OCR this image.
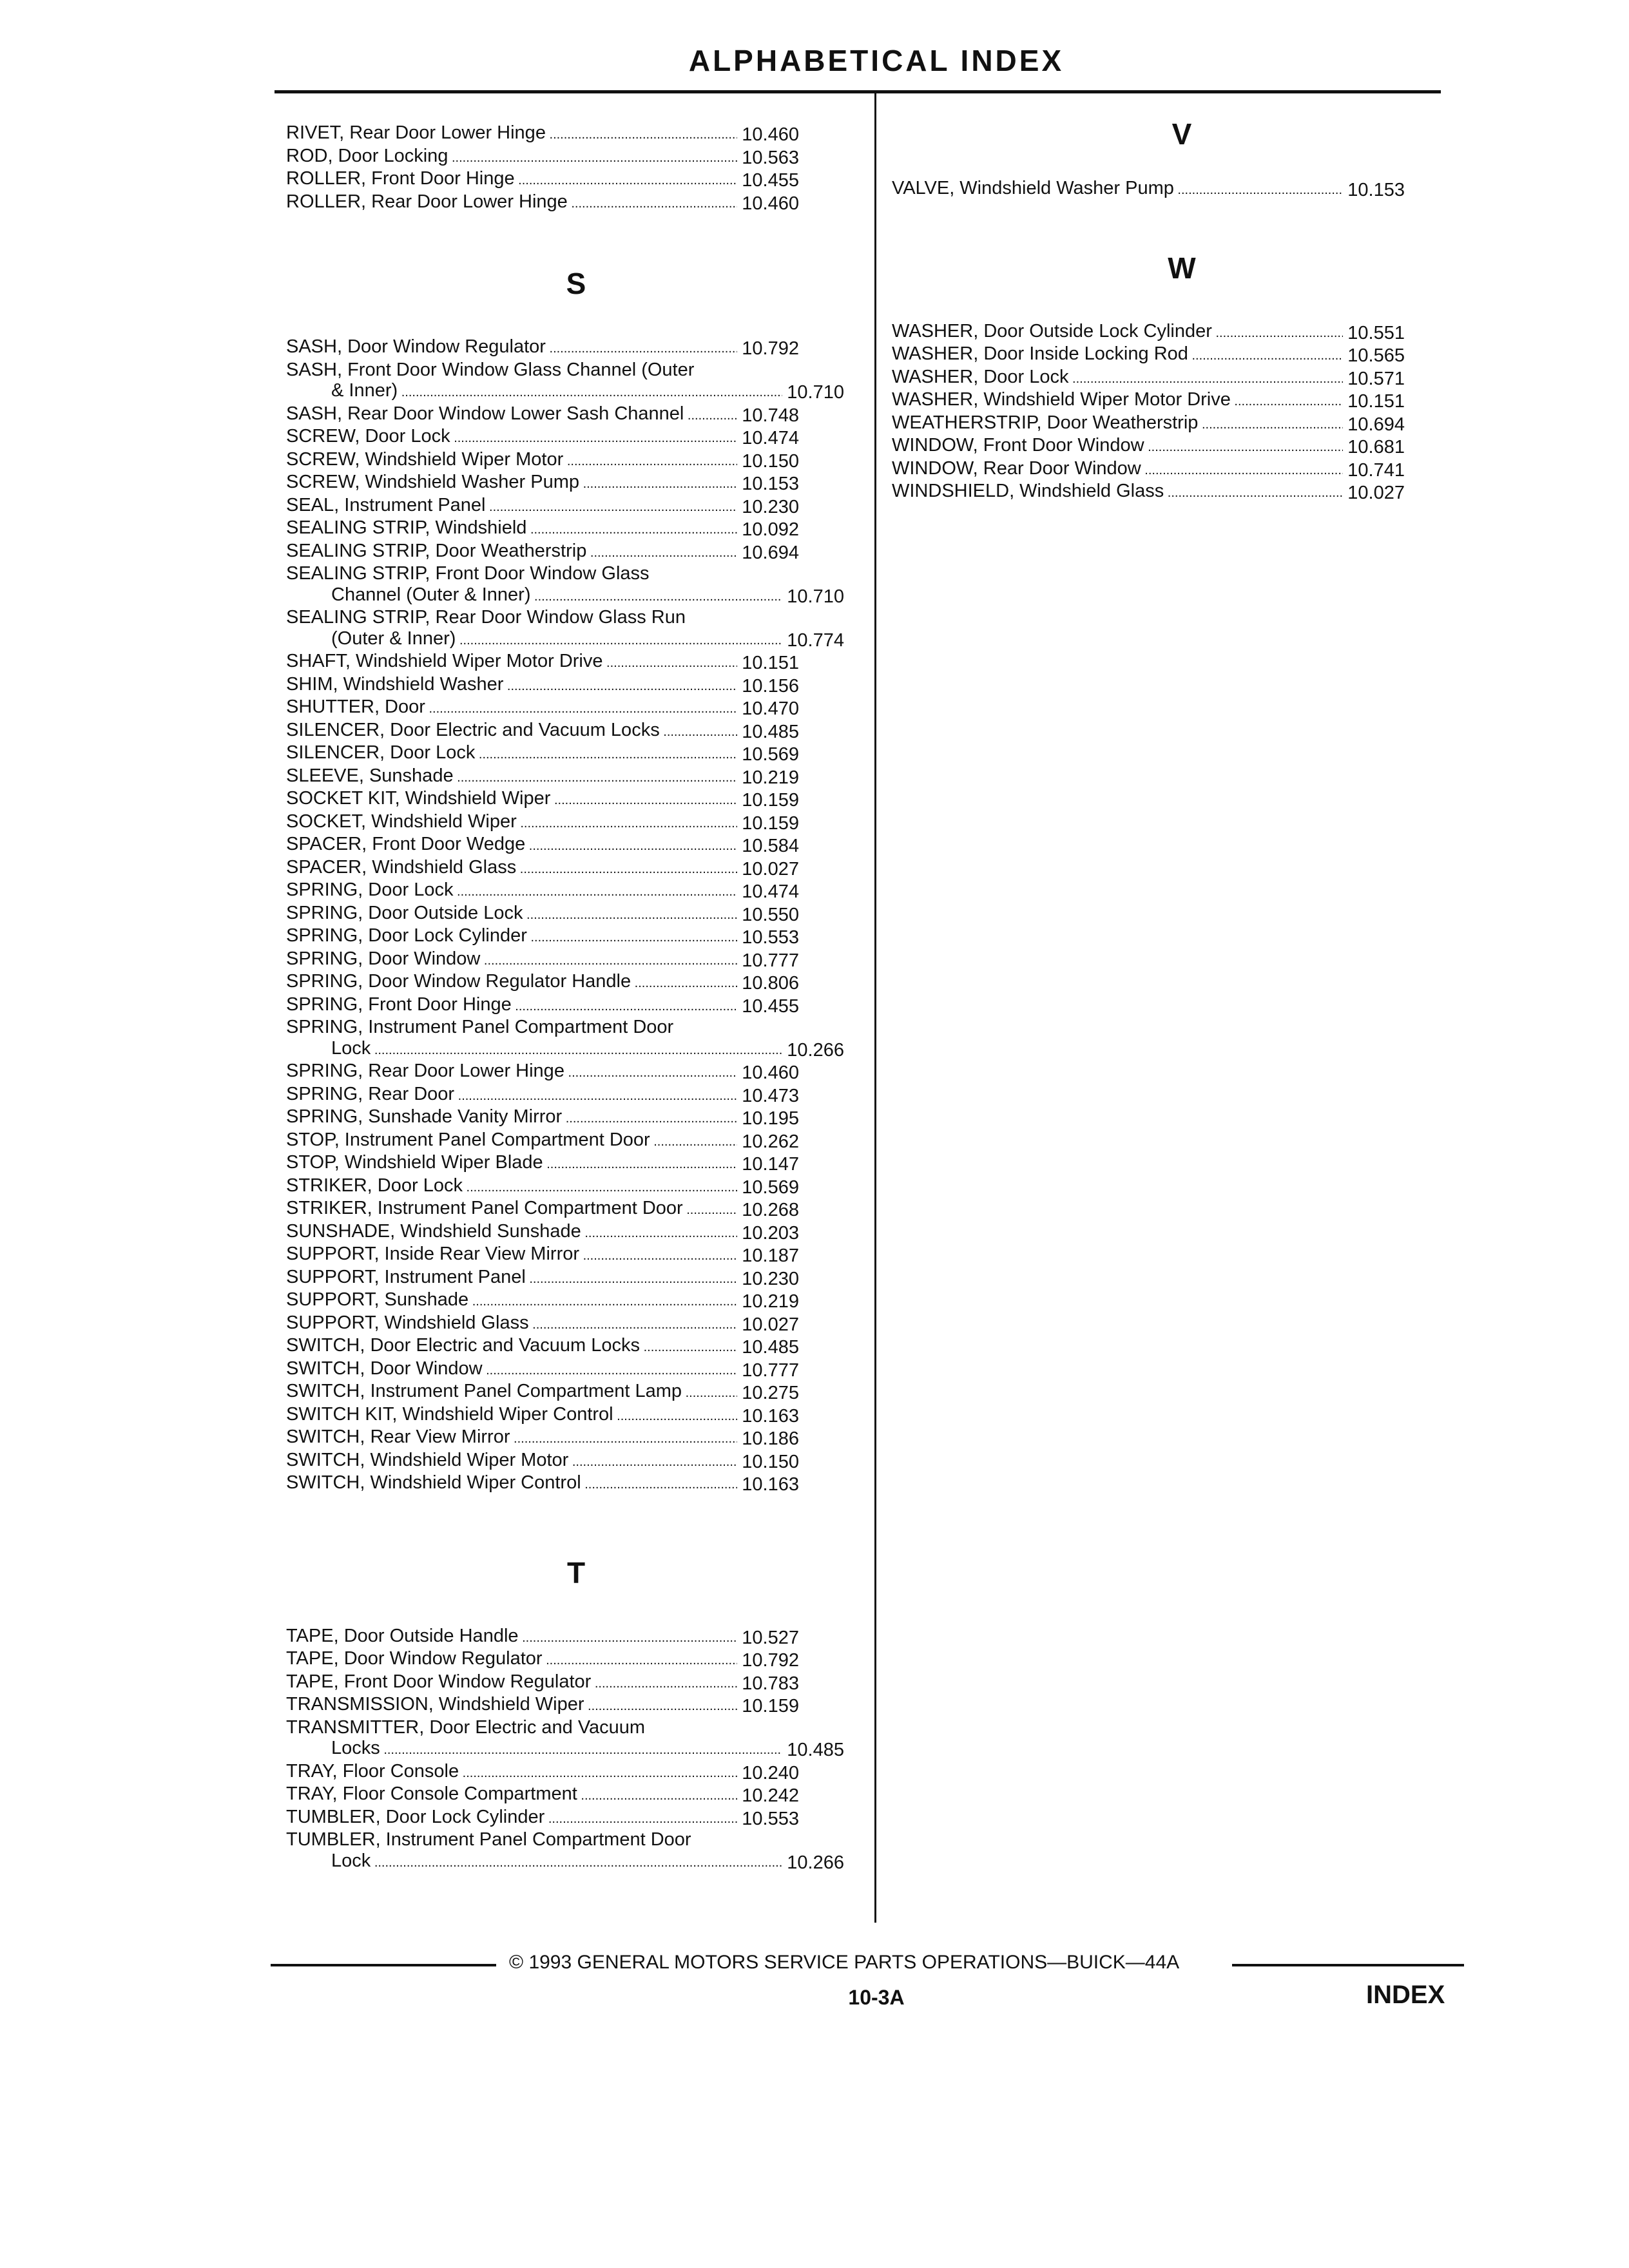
ALPHABETICAL INDEX
RIVET, Rear Door Lower Hinge .....	10.460
ROD, Door Locking .....	10.563
ROLLER, Front Door Hinge .....	10.455
ROLLER, Rear Door Lower Hinge .....	10.460
S
SASH, Door Window Regulator .....	10.792
SASH, Front Door Window Glass Channel (Outer
& Inner) .....	10.710
SASH, Rear Door Window Lower Sash Channel .....	10.748
SCREW, Door Lock .....	10.474
SCREW, Windshield Wiper Motor .....	10.150
SCREW, Windshield Washer Pump .....	10.153
SEAL, Instrument Panel .....	10.230
SEALING STRIP, Windshield .....	10.092
SEALING STRIP, Door Weatherstrip .....	10.694
SEALING STRIP, Front Door Window Glass
Channel (Outer & Inner) .....	10.710
SEALING STRIP, Rear Door Window Glass Run
(Outer & Inner) .....	10.774
SHAFT, Windshield Wiper Motor Drive .....	10.151
SHIM, Windshield Washer .....	10.156
SHUTTER, Door .....	10.470
SILENCER, Door Electric and Vacuum Locks .....	10.485
SILENCER, Door Lock .....	10.569
SLEEVE, Sunshade .....	10.219
SOCKET KIT, Windshield Wiper .....	10.159
SOCKET, Windshield Wiper .....	10.159
SPACER, Front Door Wedge .....	10.584
SPACER, Windshield Glass .....	10.027
SPRING, Door Lock .....	10.474
SPRING, Door Outside Lock .....	10.550
SPRING, Door Lock Cylinder .....	10.553
SPRING, Door Window .....	10.777
SPRING, Door Window Regulator Handle .....	10.806
SPRING, Front Door Hinge .....	10.455
SPRING, Instrument Panel Compartment Door
Lock .....	10.266
SPRING, Rear Door Lower Hinge .....	10.460
SPRING, Rear Door .....	10.473
SPRING, Sunshade Vanity Mirror .....	10.195
STOP, Instrument Panel Compartment Door .....	10.262
STOP, Windshield Wiper Blade .....	10.147
STRIKER, Door Lock .....	10.569
STRIKER, Instrument Panel Compartment Door .....	10.268
SUNSHADE, Windshield Sunshade .....	10.203
SUPPORT, Inside Rear View Mirror .....	10.187
SUPPORT, Instrument Panel .....	10.230
SUPPORT, Sunshade .....	10.219
SUPPORT, Windshield Glass .....	10.027
SWITCH, Door Electric and Vacuum Locks .....	10.485
SWITCH, Door Window .....	10.777
SWITCH, Instrument Panel Compartment Lamp .....	10.275
SWITCH KIT, Windshield Wiper Control .....	10.163
SWITCH, Rear View Mirror .....	10.186
SWITCH, Windshield Wiper Motor .....	10.150
SWITCH, Windshield Wiper Control .....	10.163
T
TAPE, Door Outside Handle .....	10.527
TAPE, Door Window Regulator .....	10.792
TAPE, Front Door Window Regulator .....	10.783
TRANSMISSION, Windshield Wiper .....	10.159
TRANSMITTER, Door Electric and Vacuum
Locks .....	10.485
TRAY, Floor Console .....	10.240
TRAY, Floor Console Compartment .....	10.242
TUMBLER, Door Lock Cylinder .....	10.553
TUMBLER, Instrument Panel Compartment Door
Lock .....	10.266
V
VALVE, Windshield Washer Pump .....	10.153
W
WASHER, Door Outside Lock Cylinder .....	10.551
WASHER, Door Inside Locking Rod .....	10.565
WASHER, Door Lock .....	10.571
WASHER, Windshield Wiper Motor Drive .....	10.151
WEATHERSTRIP, Door Weatherstrip .....	10.694
WINDOW, Front Door Window .....	10.681
WINDOW, Rear Door Window .....	10.741
WINDSHIELD, Windshield Glass .....	10.027
© 1993 GENERAL MOTORS SERVICE PARTS OPERATIONS—BUICK—44A
10-3A	INDEX
